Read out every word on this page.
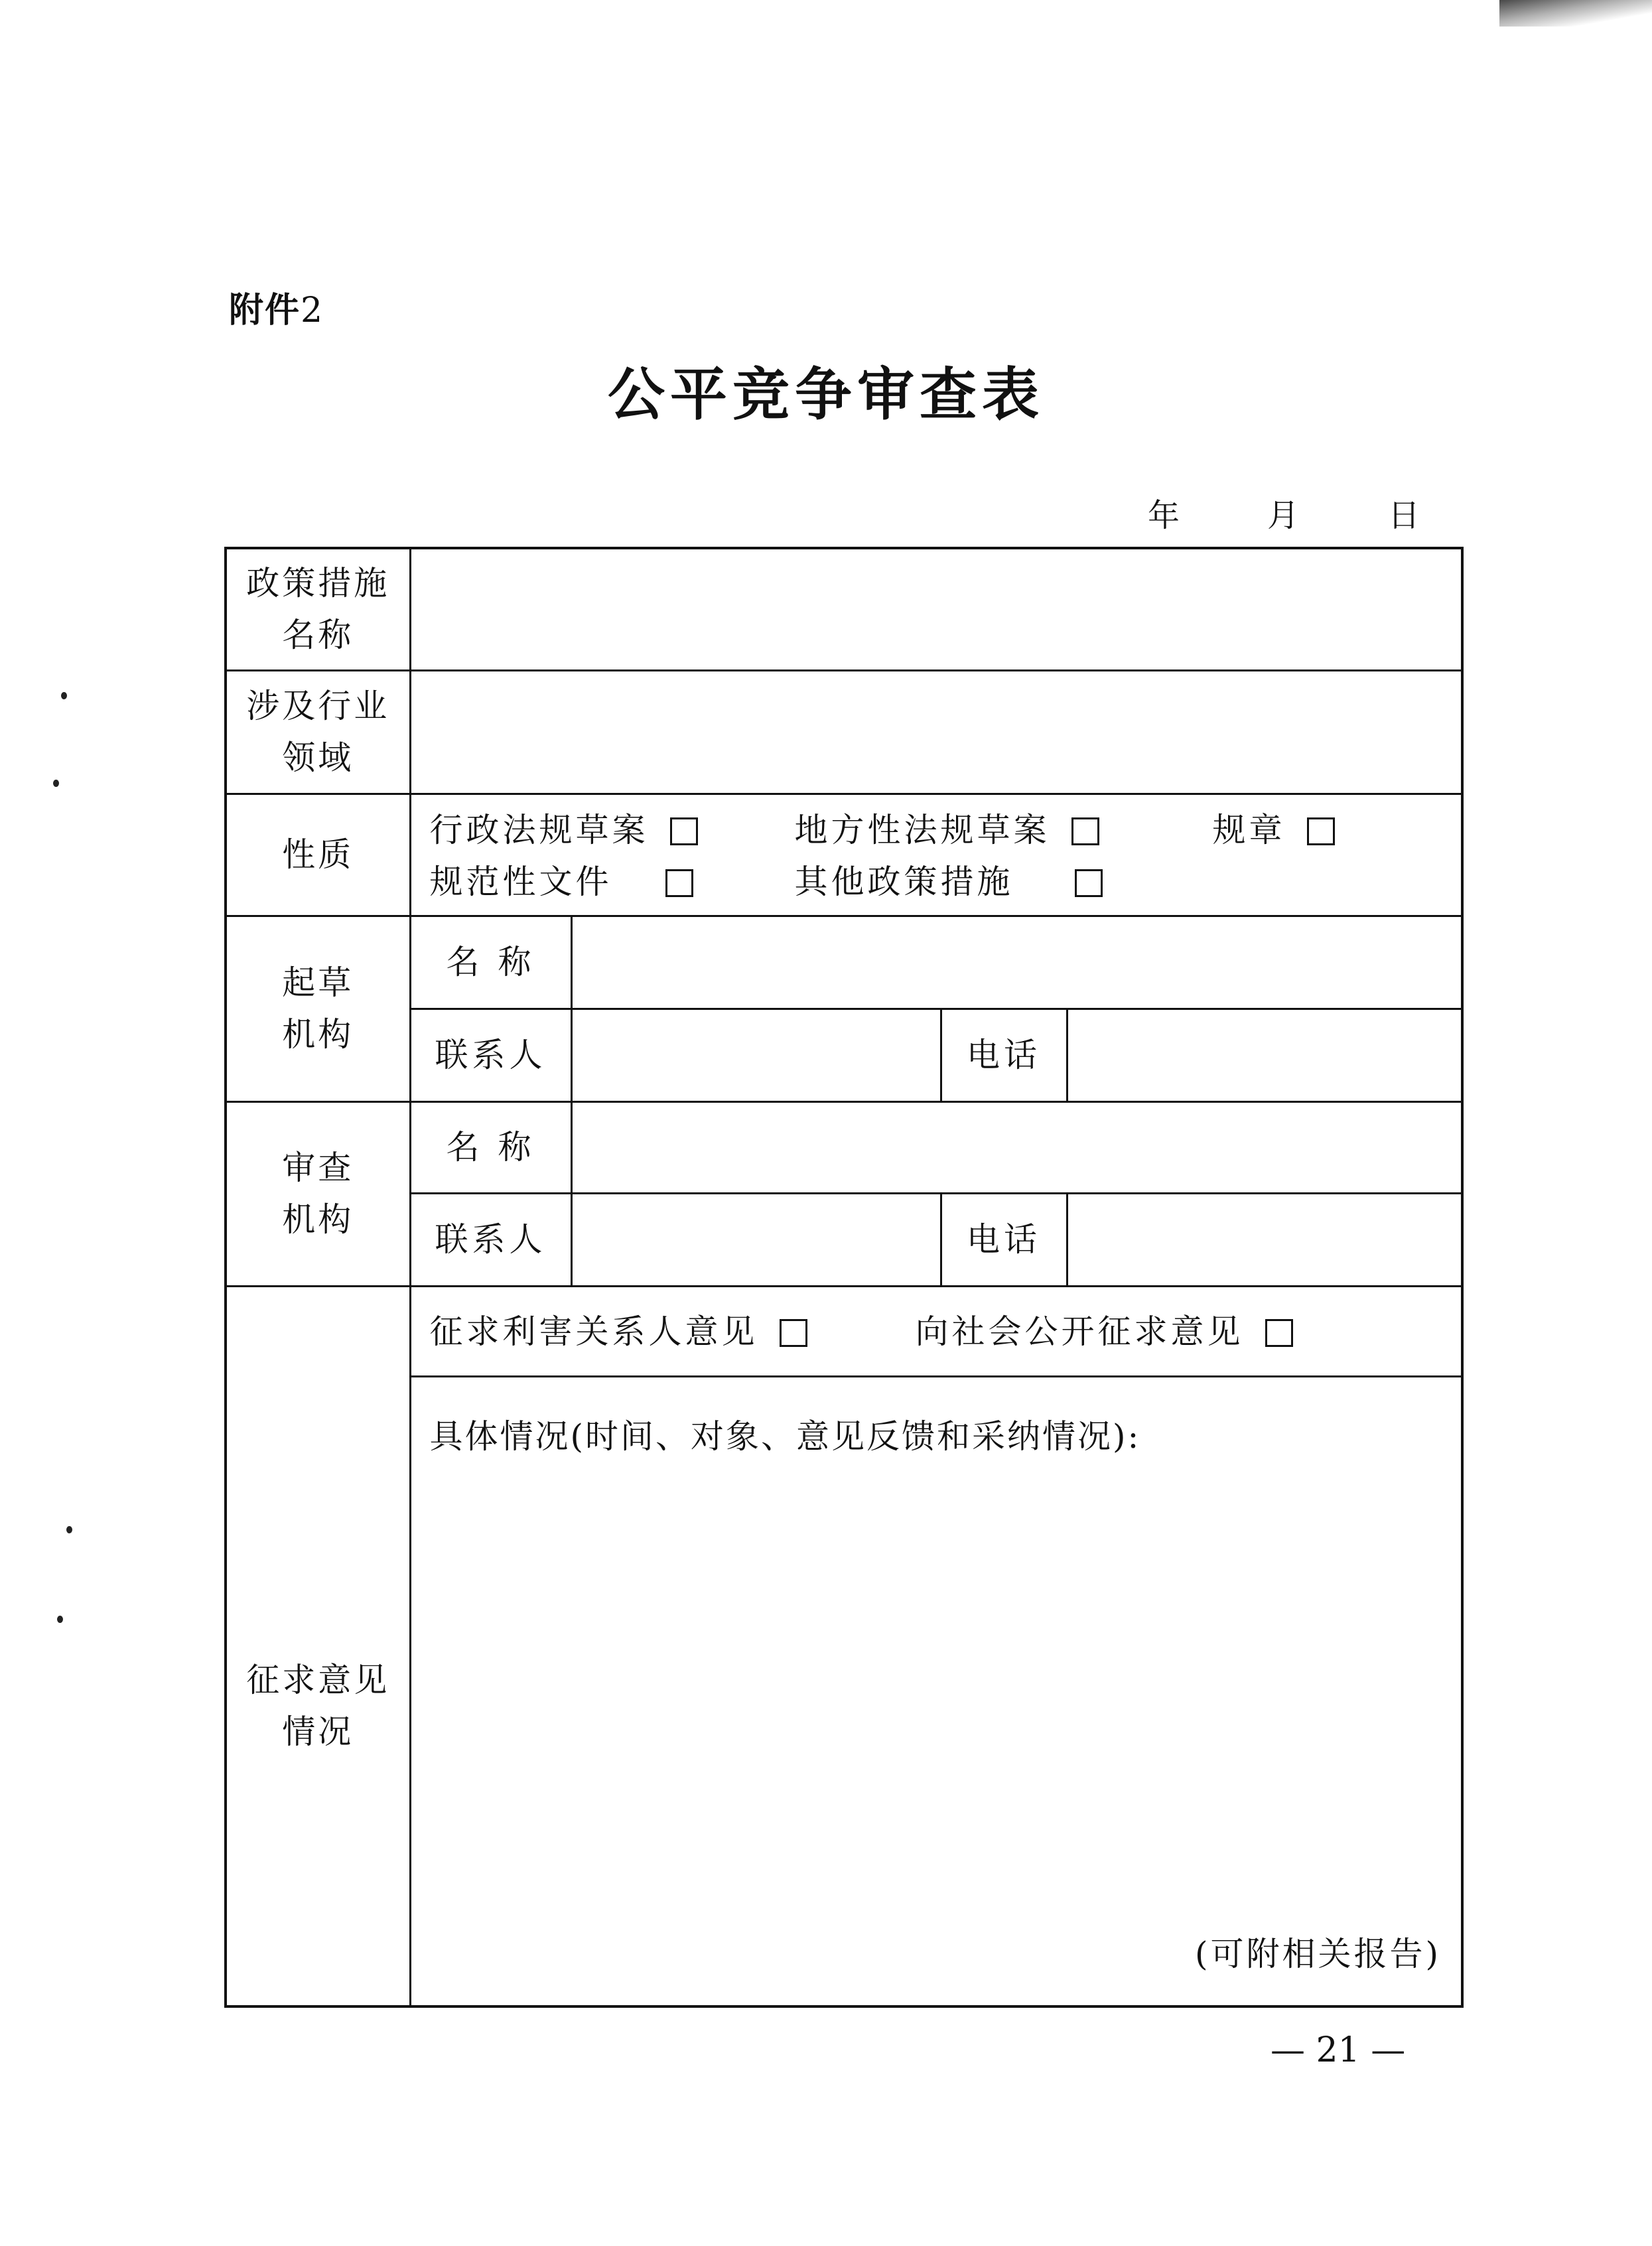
附件2
公平竞争审查表
年	月	日
政策措施名称				
涉及行业领域				
性质	行政法规草案 地方性法规草案 规章
规范性文件 其他政策措施			

起草机构	名 称			
	联系人		电话	
审查机构	名 称			
	联系人		电话	
征求意见情况	征求利害关系人意见 向社会公开征求意见			

	具体情况(时间、对象、意见反馈和采纳情况):
(可附相关报告)			
— 21 —
